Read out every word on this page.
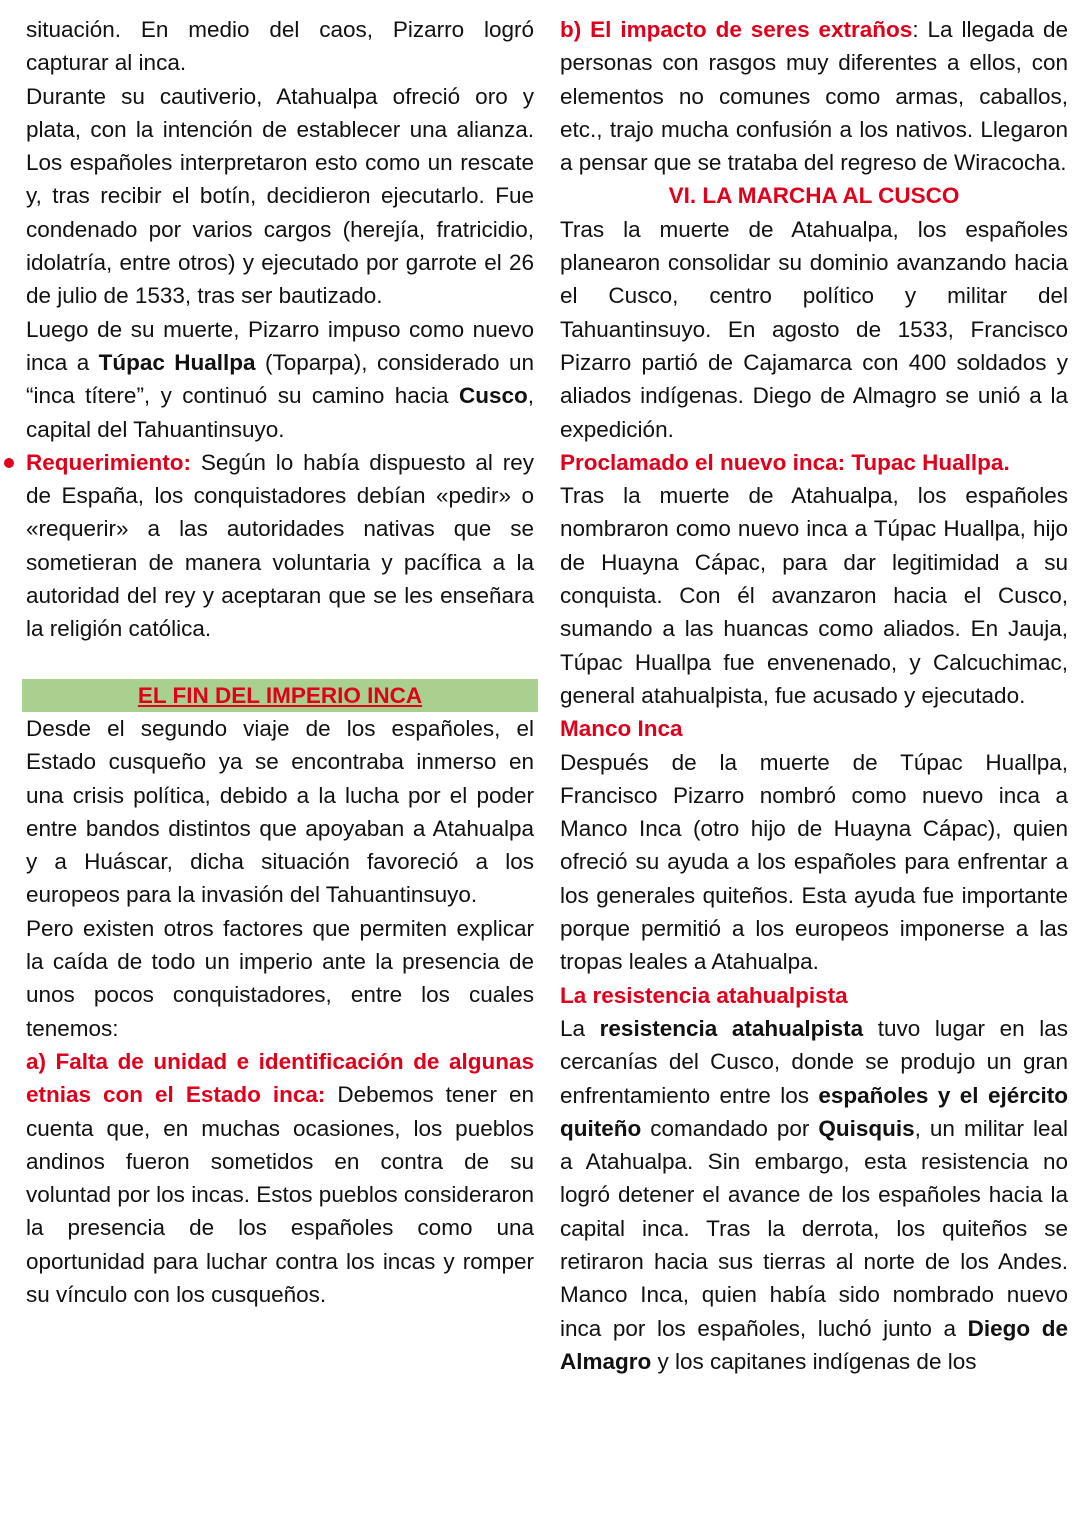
situación. En medio del caos, Pizarro logró capturar al inca.

Durante su cautiverio, Atahualpa ofreció oro y plata, con la intención de establecer una alianza. Los españoles interpretaron esto como un rescate y, tras recibir el botín, decidieron ejecutarlo. Fue condenado por varios cargos (herejía, fratricidio, idolatría, entre otros) y ejecutado por garrote el 26 de julio de 1533, tras ser bautizado.

Luego de su muerte, Pizarro impuso como nuevo inca a Túpac Huallpa (Toparpa), considerado un “inca títere”, y continuó su camino hacia Cusco, capital del Tahuantinsuyo.

Requerimiento: Según lo había dispuesto al rey de España, los conquistadores debían «pedir» o «requerir» a las autoridades nativas que se sometieran de manera voluntaria y pacífica a la autoridad del rey y aceptaran que se les enseñara la religión católica.

EL FIN DEL IMPERIO INCA

Desde el segundo viaje de los españoles, el Estado cusqueño ya se encontraba inmerso en una crisis política, debido a la lucha por el poder entre bandos distintos que apoyaban a Atahualpa y a Huáscar, dicha situación favoreció a los europeos para la invasión del Tahuantinsuyo.

Pero existen otros factores que permiten explicar la caída de todo un imperio ante la presencia de unos pocos conquistadores, entre los cuales tenemos:

a) Falta de unidad e identificación de algunas etnias con el Estado inca: Debemos tener en cuenta que, en muchas ocasiones, los pueblos andinos fueron sometidos en contra de su voluntad por los incas. Estos pueblos consideraron la presencia de los españoles como una oportunidad para luchar contra los incas y romper su vínculo con los cusqueños.

b) El impacto de seres extraños: La llegada de personas con rasgos muy diferentes a ellos, con elementos no comunes como armas, caballos, etc., trajo mucha confusión a los nativos. Llegaron a pensar que se trataba del regreso de Wiracocha.

VI. LA MARCHA AL CUSCO

Tras la muerte de Atahualpa, los españoles planearon consolidar su dominio avanzando hacia el Cusco, centro político y militar del Tahuantinsuyo. En agosto de 1533, Francisco Pizarro partió de Cajamarca con 400 soldados y aliados indígenas. Diego de Almagro se unió a la expedición.

Proclamado el nuevo inca: Tupac Huallpa.

Tras la muerte de Atahualpa, los españoles nombraron como nuevo inca a Túpac Huallpa, hijo de Huayna Cápac, para dar legitimidad a su conquista. Con él avanzaron hacia el Cusco, sumando a las huancas como aliados. En Jauja, Túpac Huallpa fue envenenado, y Calcuchimac, general atahualpista, fue acusado y ejecutado.

Manco Inca

Después de la muerte de Túpac Huallpa, Francisco Pizarro nombró como nuevo inca a Manco Inca (otro hijo de Huayna Cápac), quien ofreció su ayuda a los españoles para enfrentar a los generales quiteños. Esta ayuda fue importante porque permitió a los europeos imponerse a las tropas leales a Atahualpa.

La resistencia atahualpista

La resistencia atahualpista tuvo lugar en las cercanías del Cusco, donde se produjo un gran enfrentamiento entre los españoles y el ejército quiteño comandado por Quisquis, un militar leal a Atahualpa. Sin embargo, esta resistencia no logró detener el avance de los españoles hacia la capital inca. Tras la derrota, los quiteños se retiraron hacia sus tierras al norte de los Andes. Manco Inca, quien había sido nombrado nuevo inca por los españoles, luchó junto a Diego de Almagro y los capitanes indígenas de los
